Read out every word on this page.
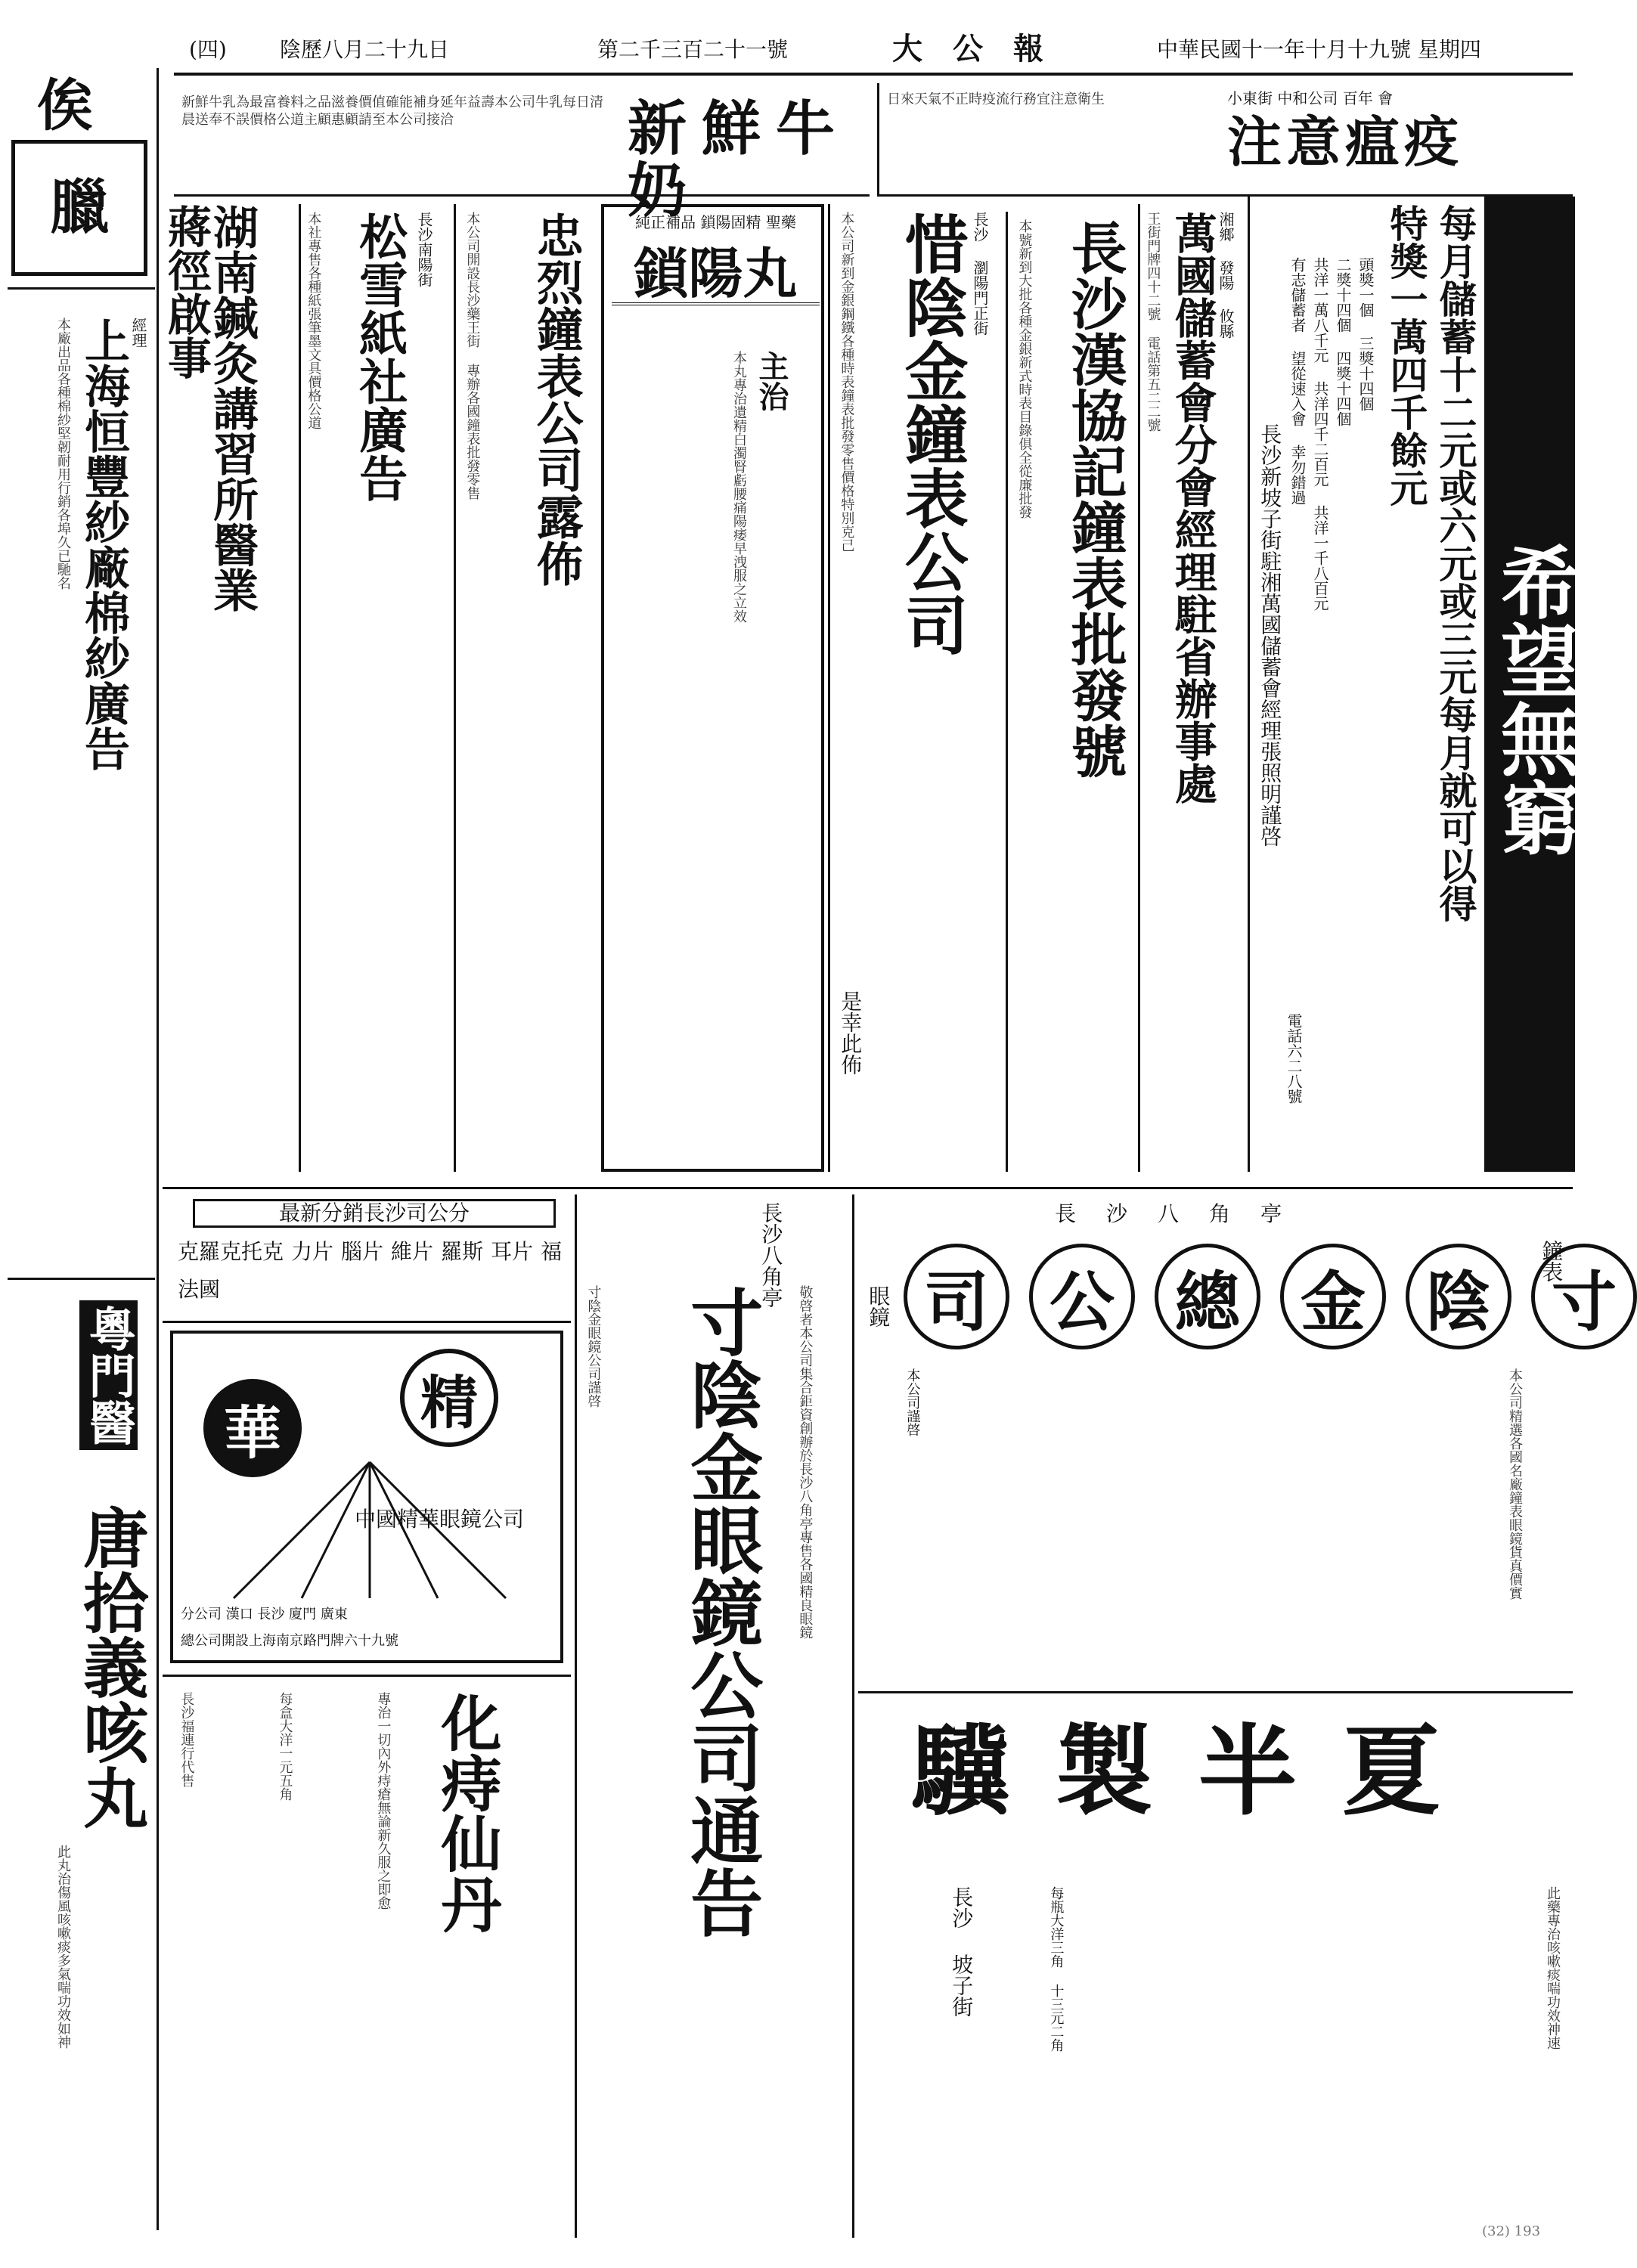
(四)	陰歷八月二十九日	第二千三百二十一號	大公報	中華民國十一年十月十九號 星期四
俟
臘
上海恒豐紗廠棉紗廣告 經理
本廠出品各種棉紗堅韌耐用行銷各埠久已馳名
粵門醫
唐拾義咳丸
此丸治傷風咳嗽痰多氣喘功效如神
湖南鍼灸講習所醫業
蔣徑啟事	長沙南陽街
松雪紙社廣告
本社專售各種紙張筆墨文具價格公道	忠烈鐘表公司露佈
本公司開設長沙藥王街 專辦各國鐘表批發零售	純正補品 鎖陽固精 聖藥
鎖陽丸
主治
本丸專治遺精白濁腎虧腰痛陽痿早洩服之立效
長沙 瀏陽門正街
惜陰金鐘表公司
本公司新到金銀鋼鐵各種時表鐘表批發零售價格特別克己
是幸此佈
長沙漢協記鐘表批發號
本號新到大批各種金銀新式時表目錄俱全從廉批發	湘鄉 發陽 攸縣
萬國儲蓄會分會經理駐省辦事處
王街門牌四十二號 電話第五二二號
新鮮牛乳為最富養料之品滋養價值確能補身延年益壽本公司牛乳每日清晨送奉不誤價格公道主顧惠顧請至本公司接洽	新鮮牛奶
日來天氣不正時疫流行務宜注意衛生
注意瘟疫
小東街 中和公司 百年 會
希望無窮
每月儲蓄十二元或六元或三元每月就可以得
特獎一萬四千餘元
頭獎一個 三獎十四個
二獎十四個 四獎十四個
共洋一萬八千元 共洋四千二百元 共洋一千八百元
有志儲蓄者 望從速入會 幸勿錯過
長沙新坡子街駐湘萬國儲蓄會經理張照明謹啓
電話六二八號
最新分銷長沙司公分
克羅克托克 力片 腦片 維片 羅斯 耳片 福
法國
精
華
中國精華眼鏡公司
分公司 漢口 長沙 廈門 廣東
總公司開設上海南京路門牌六十九號
化痔仙丹
專治一切內外痔瘡無論新久服之即愈
每盒大洋一元五角
長沙福連行代售
長沙八角亭
寸陰金眼鏡公司通告 敬啓者本公司集合鉅資創辦於長沙八角亭專售各國精良眼鏡
寸陰金眼鏡公司謹啓
長沙八角亭
鐘表
眼鏡 司 公 總 金 陰 寸
本公司精選各國名廠鐘表眼鏡貨真價實
本公司謹啓
驥製半夏
此藥專治咳嗽痰喘功效神速
每瓶大洋三角 十三元二角
長沙 坡子街
(32) 193
